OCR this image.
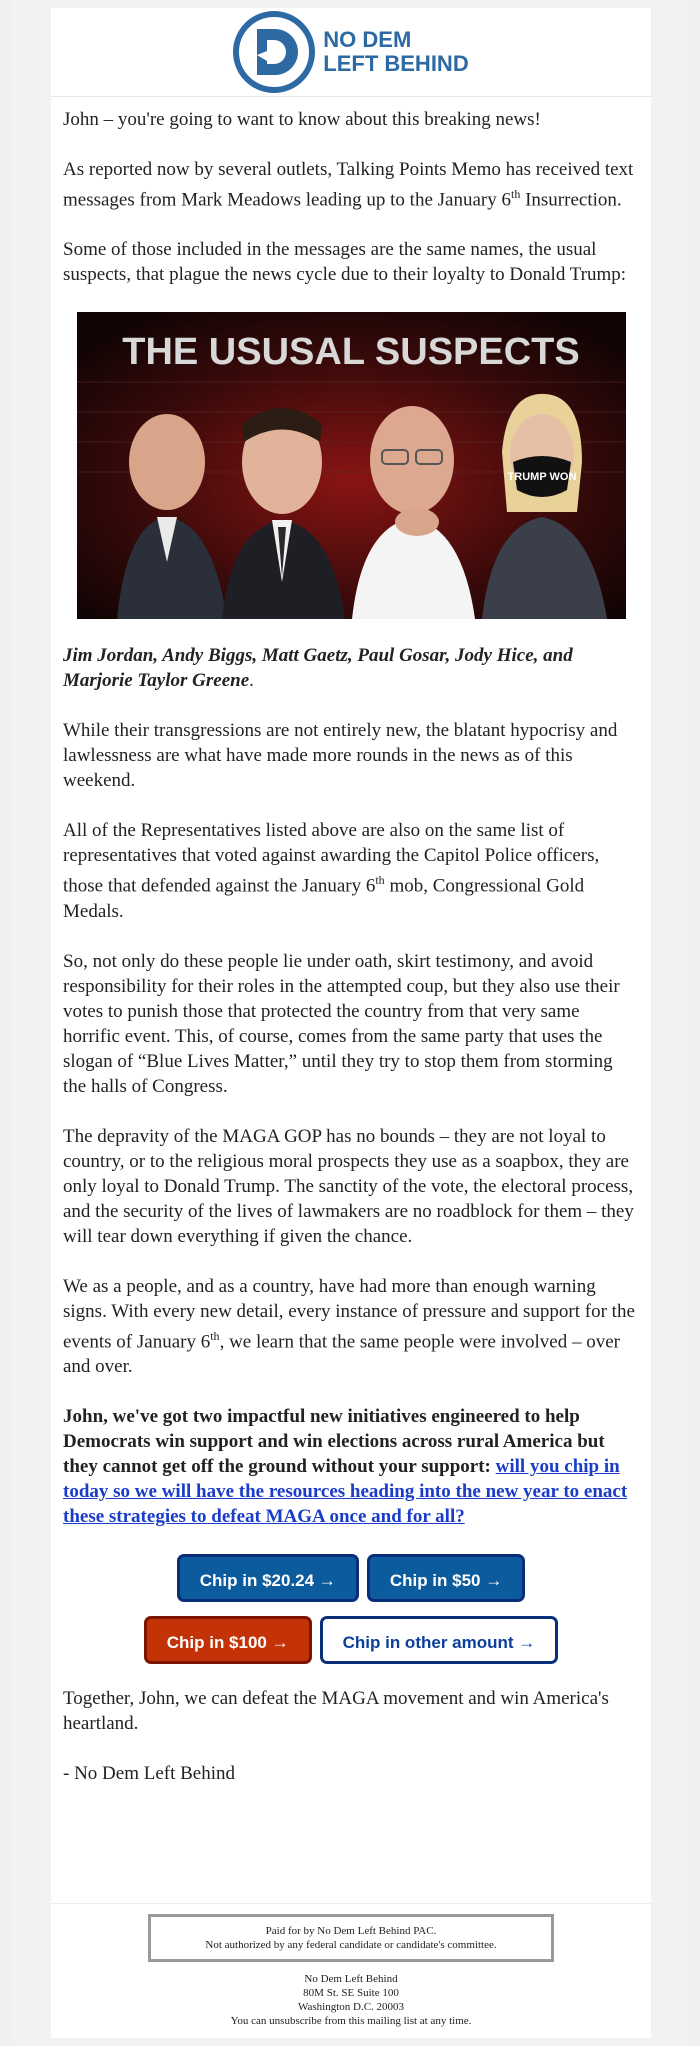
NO DEM
LEFT BEHIND

John – you're going to want to know about this breaking news!

As reported now by several outlets, Talking Points Memo has received text messages from Mark Meadows leading up to the January 6th Insurrection.

Some of those included in the messages are the same names, the usual suspects, that plague the news cycle due to their loyalty to Donald Trump:

THE USUSAL SUSPECTS
TRUMP WON

Jim Jordan, Andy Biggs, Matt Gaetz, Paul Gosar, Jody Hice, and Marjorie Taylor Greene.

While their transgressions are not entirely new, the blatant hypocrisy and lawlessness are what have made more rounds in the news as of this weekend.

All of the Representatives listed above are also on the same list of representatives that voted against awarding the Capitol Police officers, those that defended against the January 6th mob, Congressional Gold Medals.

So, not only do these people lie under oath, skirt testimony, and avoid responsibility for their roles in the attempted coup, but they also use their votes to punish those that protected the country from that very same horrific event. This, of course, comes from the same party that uses the slogan of “Blue Lives Matter,” until they try to stop them from storming the halls of Congress.

The depravity of the MAGA GOP has no bounds – they are not loyal to country, or to the religious moral prospects they use as a soapbox, they are only loyal to Donald Trump. The sanctity of the vote, the electoral process, and the security of the lives of lawmakers are no roadblock for them – they will tear down everything if given the chance.

We as a people, and as a country, have had more than enough warning signs. With every new detail, every instance of pressure and support for the events of January 6th, we learn that the same people were involved – over and over.

John, we've got two impactful new initiatives engineered to help Democrats win support and win elections across rural America but they cannot get off the ground without your support: will you chip in today so we will have the resources heading into the new year to enact these strategies to defeat MAGA once and for all?

Chip in $20.24 →	Chip in $50 →
Chip in $100 →	Chip in other amount →

Together, John, we can defeat the MAGA movement and win America's heartland.

- No Dem Left Behind

Paid for by No Dem Left Behind PAC.
Not authorized by any federal candidate or candidate's committee.
No Dem Left Behind
80M St. SE Suite 100
Washington D.C. 20003
You can unsubscribe from this mailing list at any time.
